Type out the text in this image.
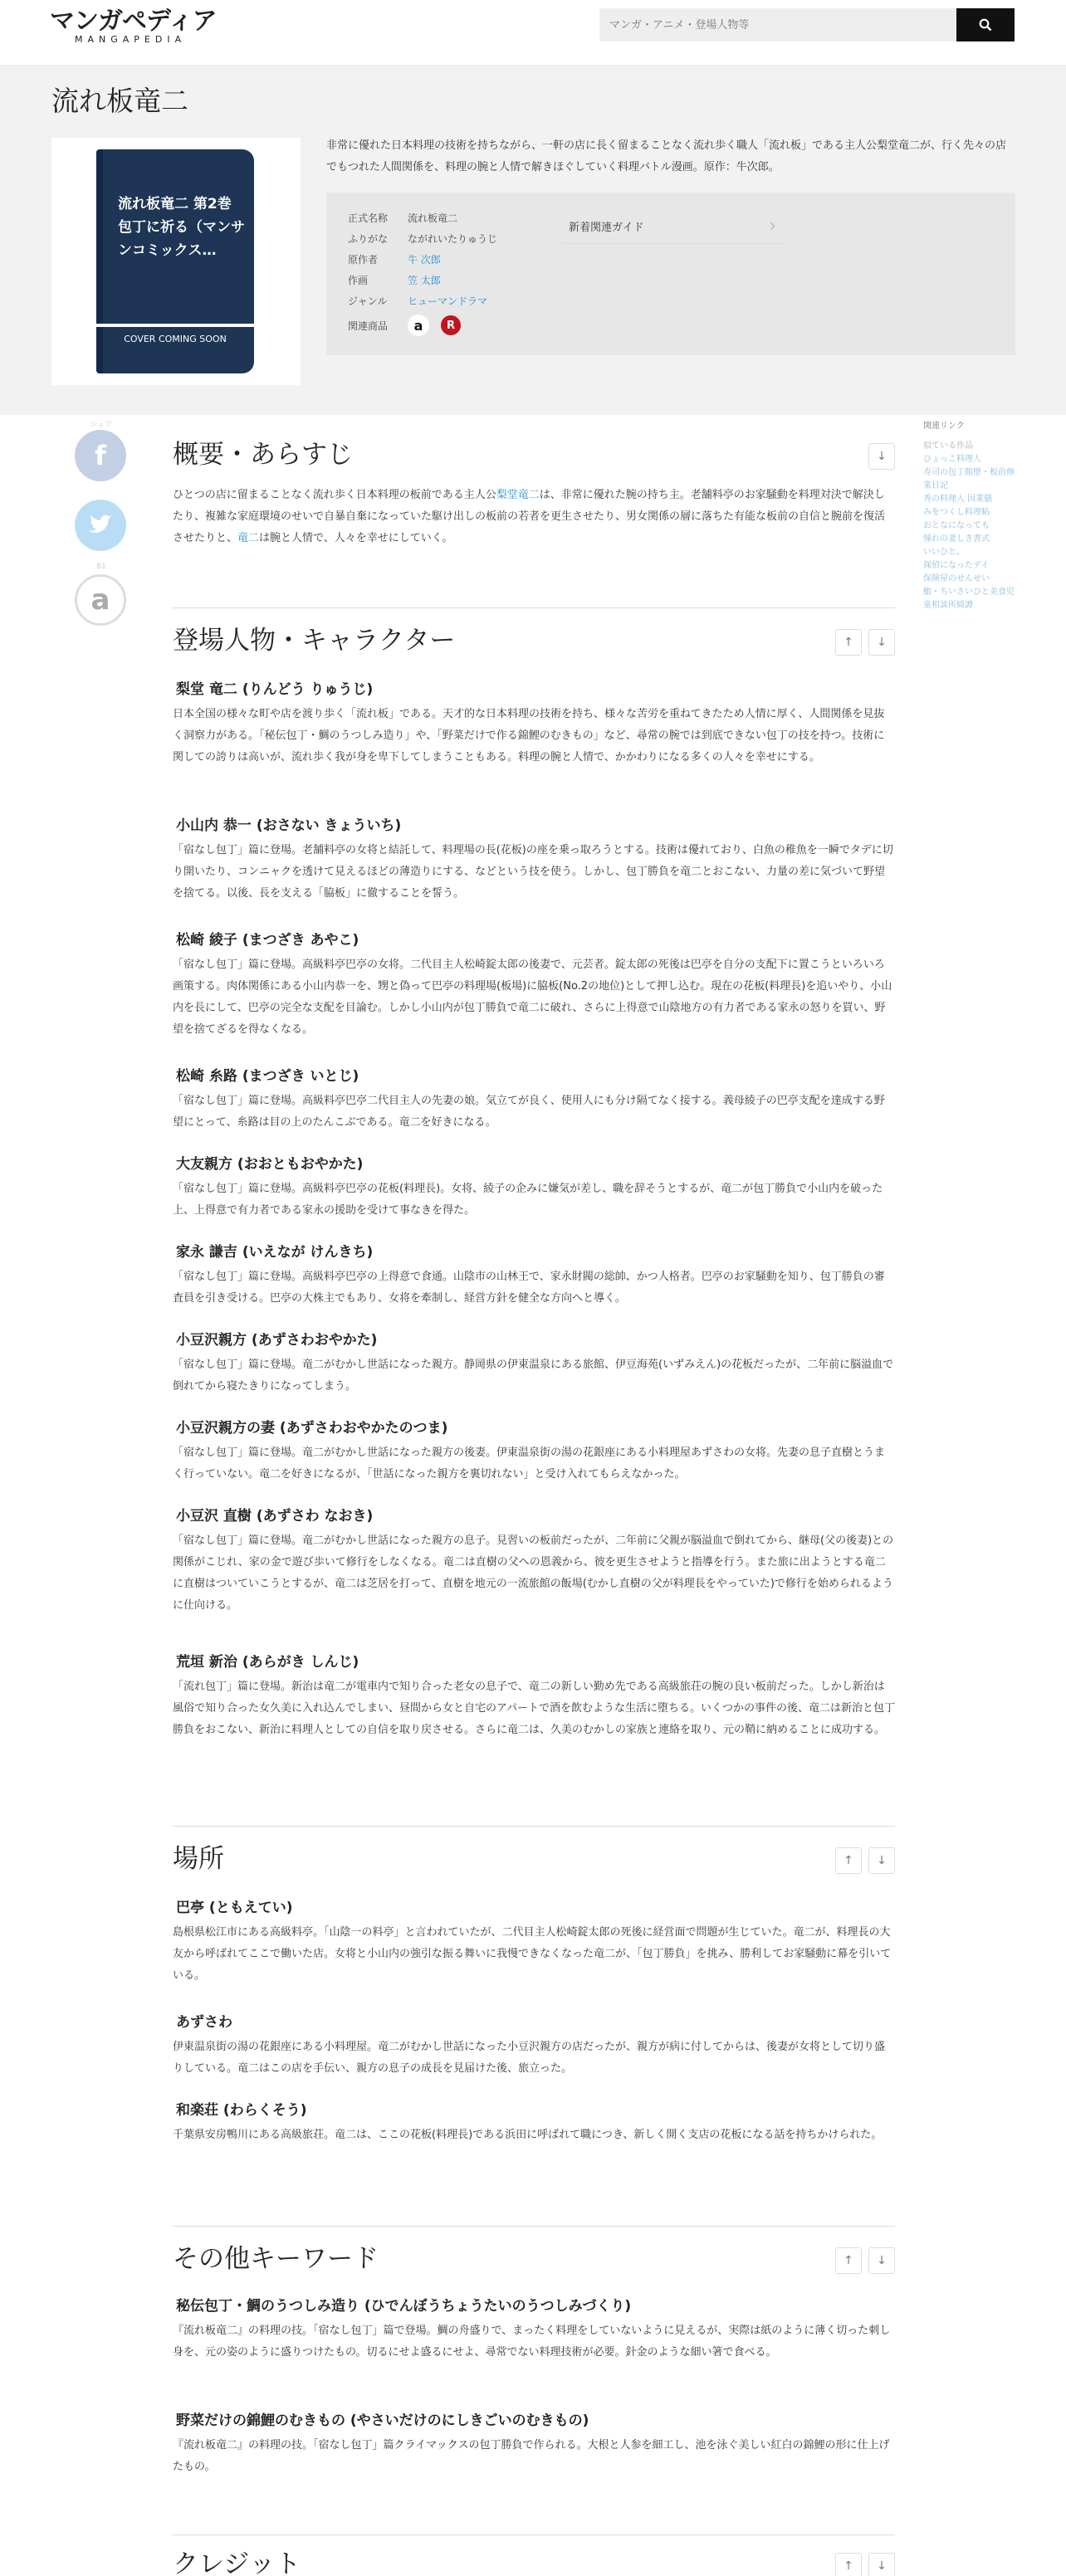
マンガペディア
MANGAPEDIA
マンガ・アニメ・登場人物等
流れ板竜二
流れ板竜二 第2巻 包丁に祈る（マンサンコミックス…
COVER COMING SOON
非常に優れた日本料理の技術を持ちながら、一軒の店に長く留まることなく流れ歩く職人「流れ板」である主人公梨堂竜二が、行く先々の店でもつれた人間関係を、料理の腕と人情で解きほぐしていく料理バトル漫画。原作：牛次郎。
正式名称	流れ板竜二
ふりがな	ながれいたりゅうじ
原作者	牛 次郎
作画	笠 太郎
ジャンル	ヒューマンドラマ
関連商品	a	R
新着関連ガイド	›
シェア
f
81
a
関連リンク
似ている作品
ひょっこ料理人
寿司の包丁館壁・板前修業日記
秀の料理人 因業膳
みをつくし料理帖
おとなになっても
憧れの妻しき書式
いいひと。
探偵になったデイ
保険屋のせんせい
鮨・ちいさいひと美食児童相談所綺譚
概要・あらすじ	↓

ひとつの店に留まることなく流れ歩く日本料理の板前である主人公梨堂竜二は、非常に優れた腕の持ち主。老舗料亭のお家騒動を料理対決で解決したり、複雑な家庭環境のせいで自暴自棄になっていた駆け出しの板前の若者を更生させたり、男女関係の層に落ちた有能な板前の自信と腕前を復活させたりと、竜二は腕と人情で、人々を幸せにしていく。

登場人物・キャラクター	↑	↓
梨堂 竜二 (りんどう りゅうじ)

日本全国の様々な町や店を渡り歩く「流れ板」である。天才的な日本料理の技術を持ち、様々な苦労を重ねてきたため人情に厚く、人間関係を見抜く洞察力がある。「秘伝包丁・鯛のうつしみ造り」や、「野菜だけで作る錦鯉のむきもの」など、尋常の腕では到底できない包丁の技を持つ。技術に関しての誇りは高いが、流れ歩く我が身を卑下してしまうこともある。料理の腕と人情で、かかわりになる多くの人々を幸せにする。

小山内 恭一 (おさない きょういち)

「宿なし包丁」篇に登場。老舗料亭の女将と結託して、料理場の長(花板)の座を乗っ取ろうとする。技術は優れており、白魚の稚魚を一瞬でタデに切り開いたり、コンニャクを透けて見えるほどの薄造りにする、などという技を使う。しかし、包丁勝負を竜二とおこない、力量の差に気づいて野望を捨てる。以後、長を支える「脇板」に徹することを誓う。

松崎 綾子 (まつざき あやこ)

「宿なし包丁」篇に登場。高級料亭巴亭の女将。二代目主人松崎錠太郎の後妻で、元芸者。錠太郎の死後は巴亭を自分の支配下に置こうといろいろ画策する。肉体関係にある小山内恭一を、甥と偽って巴亭の料理場(板場)に脇板(No.2の地位)として押し込む。現在の花板(料理長)を追いやり、小山内を長にして、巴亭の完全な支配を目論む。しかし小山内が包丁勝負で竜二に破れ、さらに上得意で山陰地方の有力者である家永の怒りを買い、野望を捨てざるを得なくなる。

松崎 糸路 (まつざき いとじ)

「宿なし包丁」篇に登場。高級料亭巴亭二代目主人の先妻の娘。気立てが良く、使用人にも分け隔てなく接する。義母綾子の巴亭支配を達成する野望にとって、糸路は目の上のたんこぶである。竜二を好きになる。

大友親方 (おおともおやかた)

「宿なし包丁」篇に登場。高級料亭巴亭の花板(料理長)。女将、綾子の企みに嫌気が差し、職を辞そうとするが、竜二が包丁勝負で小山内を破った上、上得意で有力者である家永の援助を受けて事なきを得た。

家永 謙吉 (いえなが けんきち)

「宿なし包丁」篇に登場。高級料亭巴亭の上得意で食通。山陰市の山林王で、家永財閥の総帥、かつ人格者。巴亭のお家騒動を知り、包丁勝負の審査員を引き受ける。巴亭の大株主でもあり、女将を牽制し、経営方針を健全な方向へと導く。

小豆沢親方 (あずさわおやかた)

「宿なし包丁」篇に登場。竜二がむかし世話になった親方。静岡県の伊東温泉にある旅館、伊豆海苑(いずみえん)の花板だったが、二年前に脳溢血で倒れてから寝たきりになってしまう。

小豆沢親方の妻 (あずさわおやかたのつま)

「宿なし包丁」篇に登場。竜二がむかし世話になった親方の後妻。伊東温泉街の湯の花銀座にある小料理屋あずさわの女将。先妻の息子直樹とうまく行っていない。竜二を好きになるが、「世話になった親方を裏切れない」と受け入れてもらえなかった。

小豆沢 直樹 (あずさわ なおき)

「宿なし包丁」篇に登場。竜二がむかし世話になった親方の息子。見習いの板前だったが、二年前に父親が脳溢血で倒れてから、継母(父の後妻)との関係がこじれ、家の金で遊び歩いて修行をしなくなる。竜二は直樹の父への恩義から、彼を更生させようと指導を行う。また旅に出ようとする竜二に直樹はついていこうとするが、竜二は芝居を打って、直樹を地元の一流旅館の飯場(むかし直樹の父が料理長をやっていた)で修行を始められるように仕向ける。

荒垣 新治 (あらがき しんじ)

「流れ包丁」篇に登場。新治は竜二が電車内で知り合った老女の息子で、竜二の新しい勤め先である高級旅荘の腕の良い板前だった。しかし新治は風俗で知り合った女久美に入れ込んでしまい、昼間から女と自宅のアパートで酒を飲むような生活に堕ちる。いくつかの事件の後、竜二は新治と包丁勝負をおこない、新治に料理人としての自信を取り戻させる。さらに竜二は、久美のむかしの家族と連絡を取り、元の鞘に納めることに成功する。

場所	↑	↓
巴亭 (ともえてい)

島根県松江市にある高級料亭。「山陰一の料亭」と言われていたが、二代目主人松崎錠太郎の死後に経営面で問題が生じていた。竜二が、料理長の大友から呼ばれてここで働いた店。女将と小山内の強引な振る舞いに我慢できなくなった竜二が、「包丁勝負」を挑み、勝利してお家騒動に幕を引いている。

あずさわ

伊東温泉街の湯の花銀座にある小料理屋。竜二がむかし世話になった小豆沢親方の店だったが、親方が病に付してからは、後妻が女将として切り盛りしている。竜二はこの店を手伝い、親方の息子の成長を見届けた後、旅立った。

和楽荘 (わらくそう)

千葉県安房鴨川にある高級旅荘。竜二は、ここの花板(料理長)である浜田に呼ばれて職につき、新しく開く支店の花板になる話を持ちかけられた。

その他キーワード	↑	↓
秘伝包丁・鯛のうつしみ造り (ひでんぼうちょうたいのうつしみづくり)

『流れ板竜二』の料理の技。「宿なし包丁」篇で登場。鯛の舟盛りで、まったく料理をしていないように見えるが、実際は紙のように薄く切った刺し身を、元の姿のように盛りつけたもの。切るにせよ盛るにせよ、尋常でない料理技術が必要。針金のような細い箸で食べる。

野菜だけの錦鯉のむきもの (やさいだけのにしきごいのむきもの)

『流れ板竜二』の料理の技。「宿なし包丁」篇クライマックスの包丁勝負で作られる。大根と人参を細工し、池を泳ぐ美しい紅白の錦鯉の形に仕上げたもの。

クレジット	↑	↓
